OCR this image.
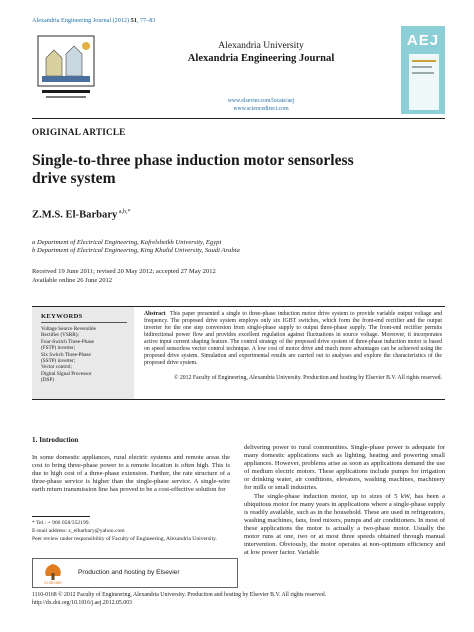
Alexandria Engineering Journal (2012) 51, 77–83
Alexandria University
Alexandria Engineering Journal
www.elsevier.com/locate/aej
www.sciencedirect.com
AEJ
ORIGINAL ARTICLE
Single-to-three phase induction motor sensorless
drive system
Z.M.S. El-Barbary $^{a,b,*}$
a Department of Electrical Engineering, Kafrelsheikh University, Egypt
b Department of Electrical Engineering, King Khalid University, Saudi Arabia
Received 19 June 2011; revised 20 May 2012; accepted 27 May 2012
Available online 26 June 2012
KEYWORDS
Voltage Source Reversible
Rectifier (VSRR);
Four-Switch Three-Phase
(FSTP) inverter;
Six Switch Three-Phase
(SSTP) inverter;
Vector control;
Digital Signal Processor
(DSP)
Abstract This paper presented a single to three-phase induction motor drive system to provide variable output voltage and frequency. The proposed drive system employs only six IGBT switches, which form the front-end rectifier and the output inverter for the one step conversion from single-phase supply to output three-phase supply. The front-end rectifier permits bidirectional power flow and provides excellent regulation against fluctuations in source voltage. Moreover, it incorporates active input current shaping feature. The control strategy of the proposed drive system of three-phase induction motor is based on speed sensorless vector control technique. A low cost of motor drive and much more advantages can be achieved using the proposed drive system. Simulation and experimental results are carried out to analyses and explore the characteristics of the proposed drive system.
© 2012 Faculty of Engineering, Alexandria University. Production and hosting by Elsevier B.V. All rights reserved.
1. Introduction
In some domestic appliances, rural electric systems and remote areas the cost to bring three-phase power to a remote location is often high. This is due to high cost of a three-phase extension. Further, the rate structure of a three-phase service is higher than the single-phase service. A single-wire earth return transmission line has proved to be a cost-effective solution for
delivering power to rural communities. Single-phase power is adequate for many domestic applications such as lighting, heating and powering small appliances. However, problems arise as soon as applications demand the use of medium electric motors. These applications include pumps for irrigation or drinking water, air conditions, elevators, washing machines, machinery for mills or small industries.
The single-phase induction motor, up to sizes of 5 kW, has been a ubiquitous motor for many years in applications where a single-phase supply is readily available, such as in the household. These are used in refrigerators, washing machines, fans, food mixers, pumps and air conditioners. In most of these applications the motor is actually a two-phase motor. Usually the motor runs at one, two or at most three speeds obtained through manual intervention. Obviously, the motor operates at non-optimum efficiency and at low power factor. Variable
* Tel.: + 966 058/352199.
E-mail address: z_elbarbary@yahoo.com
Peer review under responsibility of Faculty of Engineering, Alexandria University.
ELSEVIER
Production and hosting by Elsevier
1110-0168 © 2012 Faculty of Engineering, Alexandria University. Production and hosting by Elsevier B.V. All rights reserved.
http://dx.doi.org/10.1016/j.aej.2012.05.003
